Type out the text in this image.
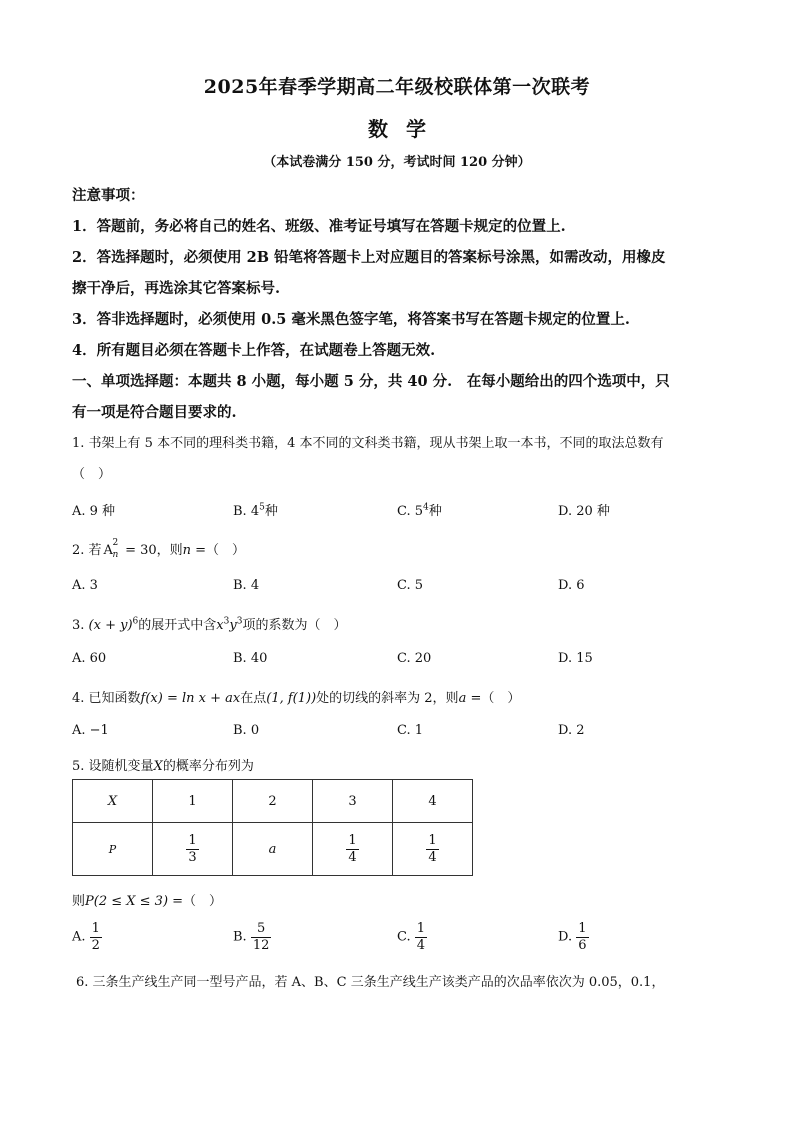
2025年春季学期高二年级校联体第一次联考
数学
（本试卷满分 150 分，考试时间 120 分钟）
注意事项：
1．答题前，务必将自己的姓名、班级、准考证号填写在答题卡规定的位置上.
2．答选择题时，必须使用 2B 铅笔将答题卡上对应题目的答案标号涂黑，如需改动，用橡皮
擦干净后，再选涂其它答案标号.
3．答非选择题时，必须使用 0.5 毫米黑色签字笔，将答案书写在答题卡规定的位置上.
4．所有题目必须在答题卡上作答，在试题卷上答题无效.
一、单项选择题：本题共 8 小题，每小题 5 分，共 40 分.　在每小题给出的四个选项中，只
有一项是符合题目要求的.
1. 书架上有 5 本不同的理科类书籍，4 本不同的文科类书籍，现从书架上取一本书，不同的取法总数有
（　）
A. 9 种	B. $4^5$种	C. $5^4$种	D. 20 种
2. 若 A 2
n = 30，则n =（　）
A. 3	B. 4	C. 5	D. 6
3. $(x + y)^6$的展开式中含$x^3y^3$项的系数为（　）
A. 60	B. 40	C. 20	D. 15
4. 已知函数f(x) = ln x + ax在点(1, f(1))处的切线的斜率为 2，则a =（　）
A. −1	B. 0	C. 1	D. 2
5. 设随机变量X的概率分布列为
X	1	2	3	4
P	$\frac{1}{3}$	a	$\frac{1}{4}$	$\frac{1}{4}$
则P(2 ≤ X ≤ 3) =（　）
A. $\frac{1}{2}$	B. $\frac{5}{12}$	C. $\frac{1}{4}$	D. $\frac{1}{6}$
6. 三条生产线生产同一型号产品，若 A、B、C 三条生产线生产该类产品的次品率依次为 0.05，0.1，
